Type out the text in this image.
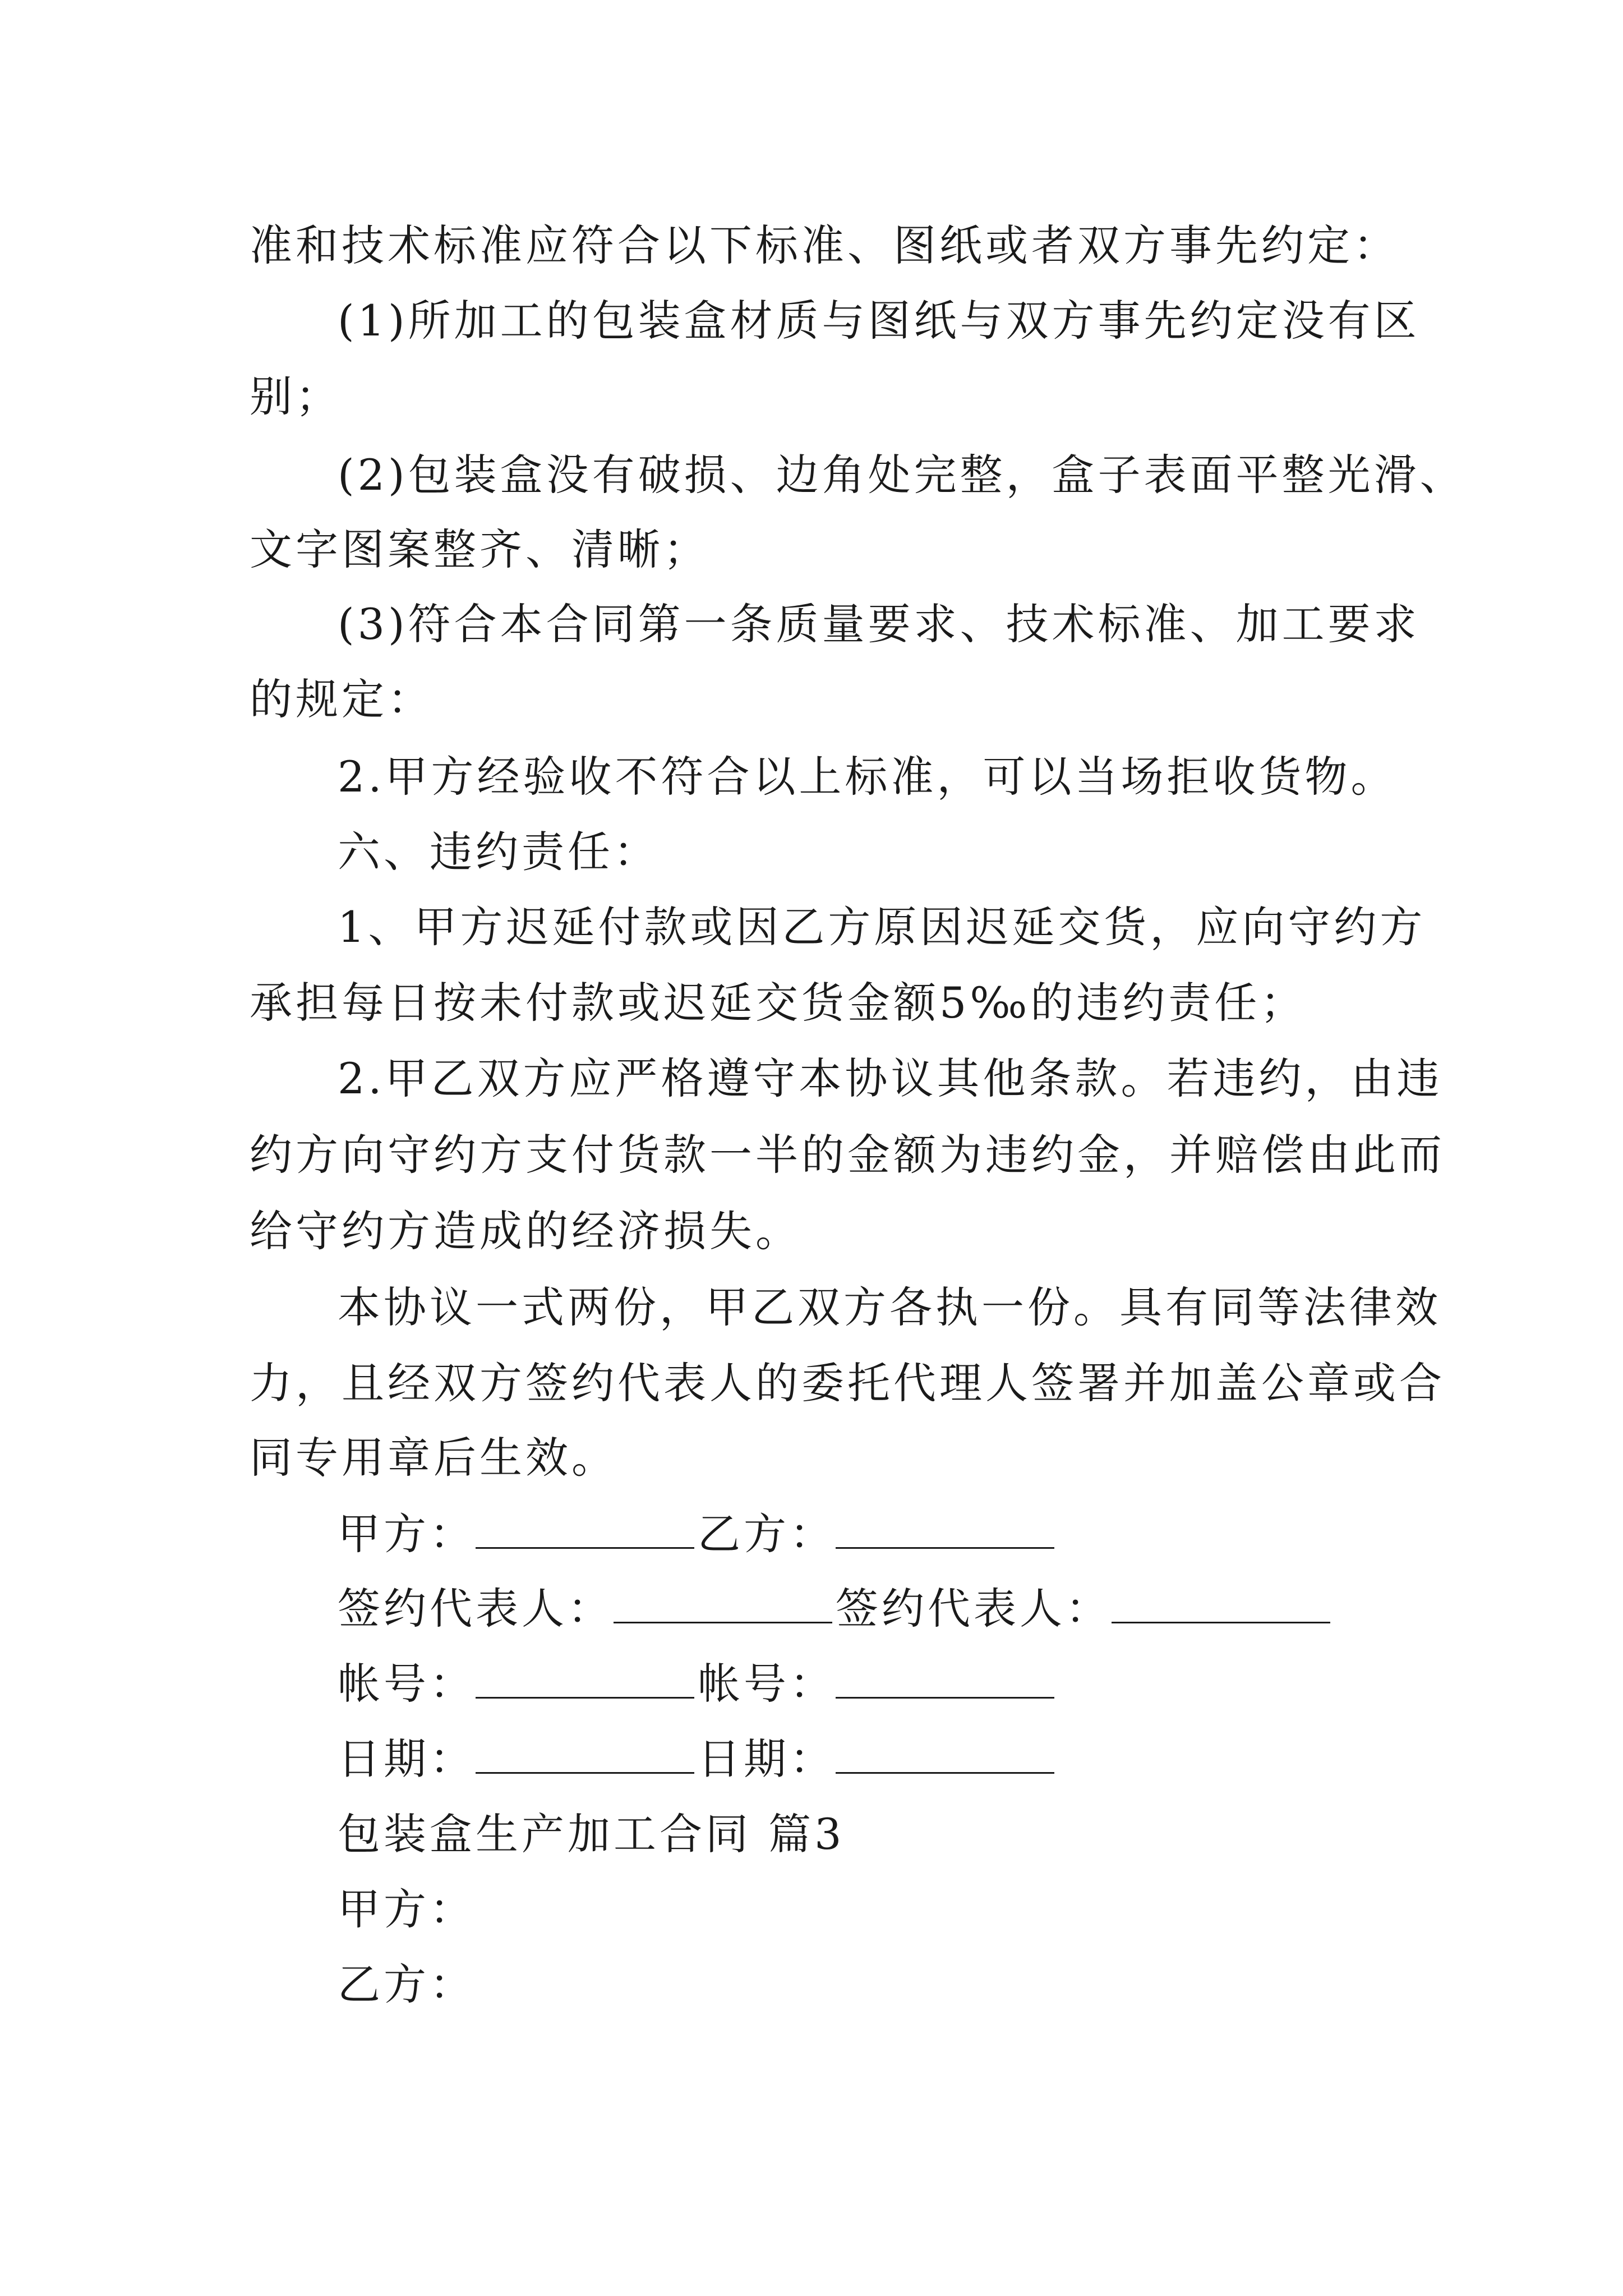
准和技术标准应符合以下标准、图纸或者双方事先约定：
(1)所加工的包装盒材质与图纸与双方事先约定没有区
别；
(2)包装盒没有破损、边角处完整，盒子表面平整光滑、
文字图案整齐、清晰；
(3)符合本合同第一条质量要求、技术标准、加工要求
的规定：
2.甲方经验收不符合以上标准，可以当场拒收货物。
六、违约责任：
1、甲方迟延付款或因乙方原因迟延交货，应向守约方
承担每日按未付款或迟延交货金额5‰的违约责任；
2.甲乙双方应严格遵守本协议其他条款。若违约，由违
约方向守约方支付货款一半的金额为违约金，并赔偿由此而
给守约方造成的经济损失。
本协议一式两份，甲乙双方各执一份。具有同等法律效
力，且经双方签约代表人的委托代理人签署并加盖公章或合
同专用章后生效。
甲方：	乙方：
签约代表人：	签约代表人：
帐号：	帐号：
日期：	日期：
包装盒生产加工合同 篇3
甲方：
乙方：
